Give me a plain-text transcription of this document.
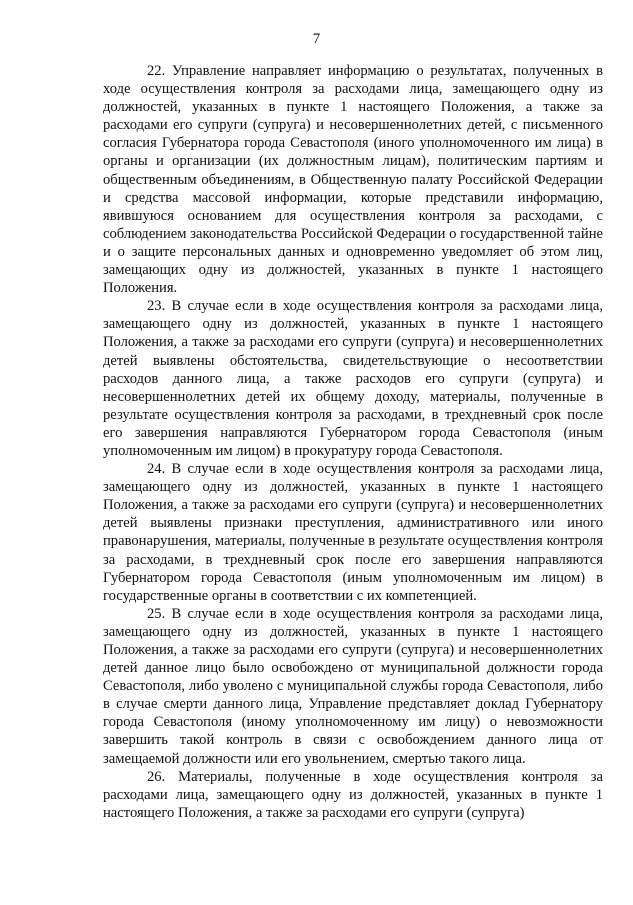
7

22. Управление направляет информацию о результатах, полученных в ходе осуществления контроля за расходами лица, замещающего одну из должностей, указанных в пункте 1 настоящего Положения, а также за расходами его супруги (супруга) и несовершеннолетних детей, с письменного согласия Губернатора города Севастополя (иного уполномоченного им лица) в органы и организации (их должностным лицам), политическим партиям и общественным объединениям, в Общественную палату Российской Федерации и средства массовой информации, которые представили информацию, явившуюся основанием для осуществления контроля за расходами, с соблюдением законодательства Российской Федерации о государственной тайне и о защите персональных данных и одновременно уведомляет об этом лиц, замещающих одну из должностей, указанных в пункте 1 настоящего Положения.

23. В случае если в ходе осуществления контроля за расходами лица, замещающего одну из должностей, указанных в пункте 1 настоящего Положения, а также за расходами его супруги (супруга) и несовершеннолетних детей выявлены обстоятельства, свидетельствующие о несоответствии расходов данного лица, а также расходов его супруги (супруга) и несовершеннолетних детей их общему доходу, материалы, полученные в результате осуществления контроля за расходами, в трехдневный срок после его завершения направляются Губернатором города Севастополя (иным уполномоченным им лицом) в прокуратуру города Севастополя.

24. В случае если в ходе осуществления контроля за расходами лица, замещающего одну из должностей, указанных в пункте 1 настоящего Положения, а также за расходами его супруги (супруга) и несовершеннолетних детей выявлены признаки преступления, административного или иного правонарушения, материалы, полученные в результате осуществления контроля за расходами, в трехдневный срок после его завершения направляются Губернатором города Севастополя (иным уполномоченным им лицом) в государственные органы в соответствии с их компетенцией.

25. В случае если в ходе осуществления контроля за расходами лица, замещающего одну из должностей, указанных в пункте 1 настоящего Положения, а также за расходами его супруги (супруга) и несовершеннолетних детей данное лицо было освобождено от муниципальной должности города Севастополя, либо уволено с муниципальной службы города Севастополя, либо в случае смерти данного лица, Управление представляет доклад Губернатору города Севастополя (иному уполномоченному им лицу) о невозможности завершить такой контроль в связи с освобождением данного лица от замещаемой должности или его увольнением, смертью такого лица.

26. Материалы, полученные в ходе осуществления контроля за расходами лица, замещающего одну из должностей, указанных в пункте 1 настоящего Положения, а также за расходами его супруги (супруга)
